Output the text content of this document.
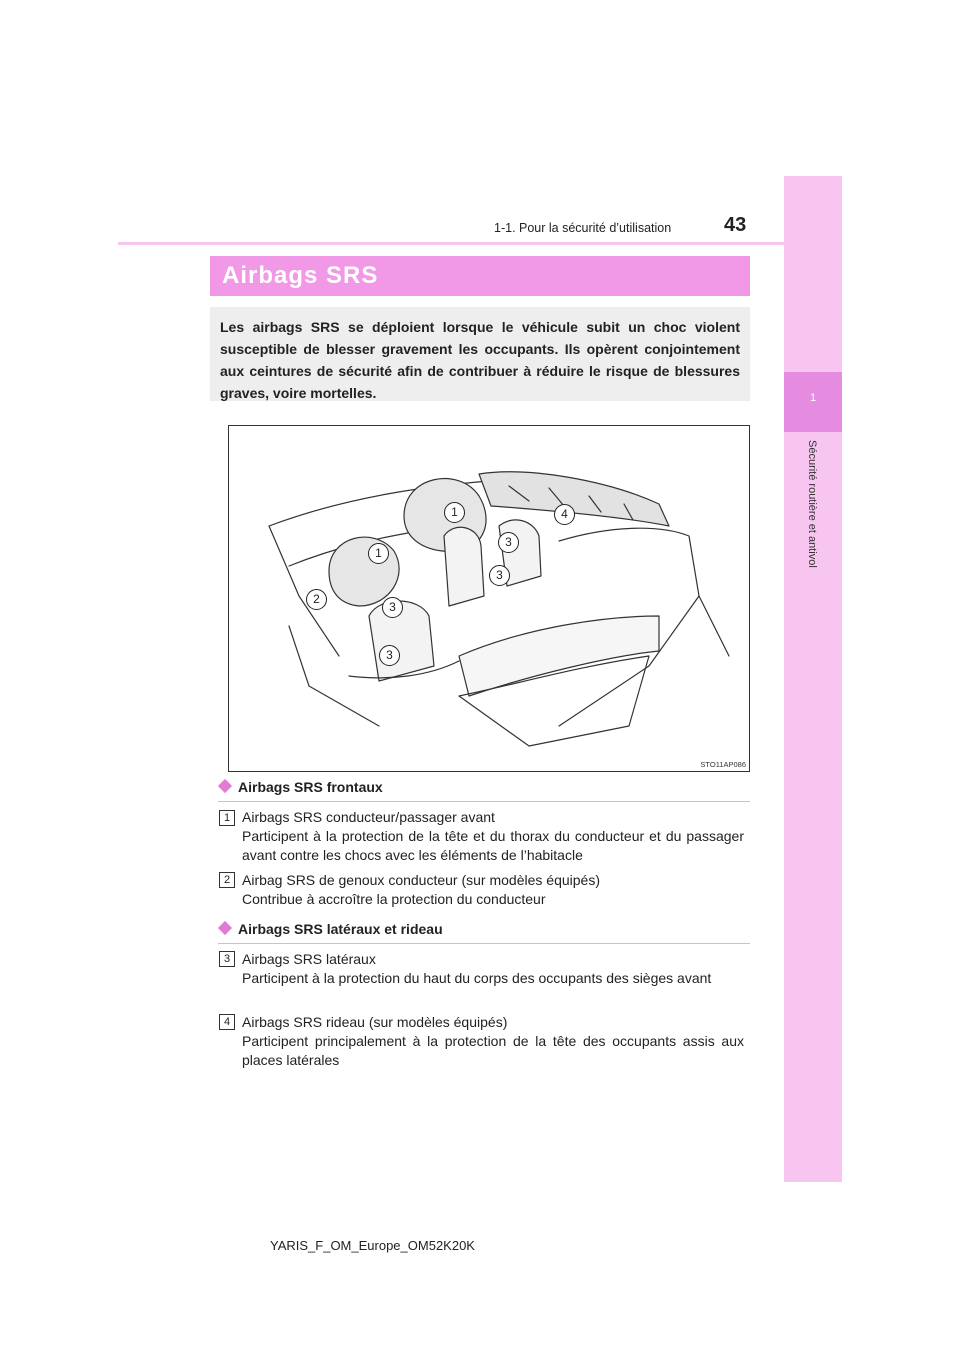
1
Sécurité routière et antivol
43
1-1. Pour la sécurité d’utilisation
Airbags SRS
Les airbags SRS se déploient lorsque le véhicule subit un choc violent susceptible de blesser gravement les occupants. Ils opèrent conjointement aux ceintures de sécurité afin de contribuer à réduire le risque de blessures graves, voire mortelles.
1
1
2
3
3
3
3
4
STO11AP086
Airbags SRS frontaux
1 Airbags SRS conducteur/passager avant
Participent à la protection de la tête et du thorax du conducteur et du passager avant contre les chocs avec les éléments de l’habitacle
2 Airbag SRS de genoux conducteur (sur modèles équipés)
Contribue à accroître la protection du conducteur
Airbags SRS latéraux et rideau
3 Airbags SRS latéraux
Participent à la protection du haut du corps des occupants des sièges avant
4 Airbags SRS rideau (sur modèles équipés)
Participent principalement à la protection de la tête des occupants assis aux places latérales
YARIS_F_OM_Europe_OM52K20K
